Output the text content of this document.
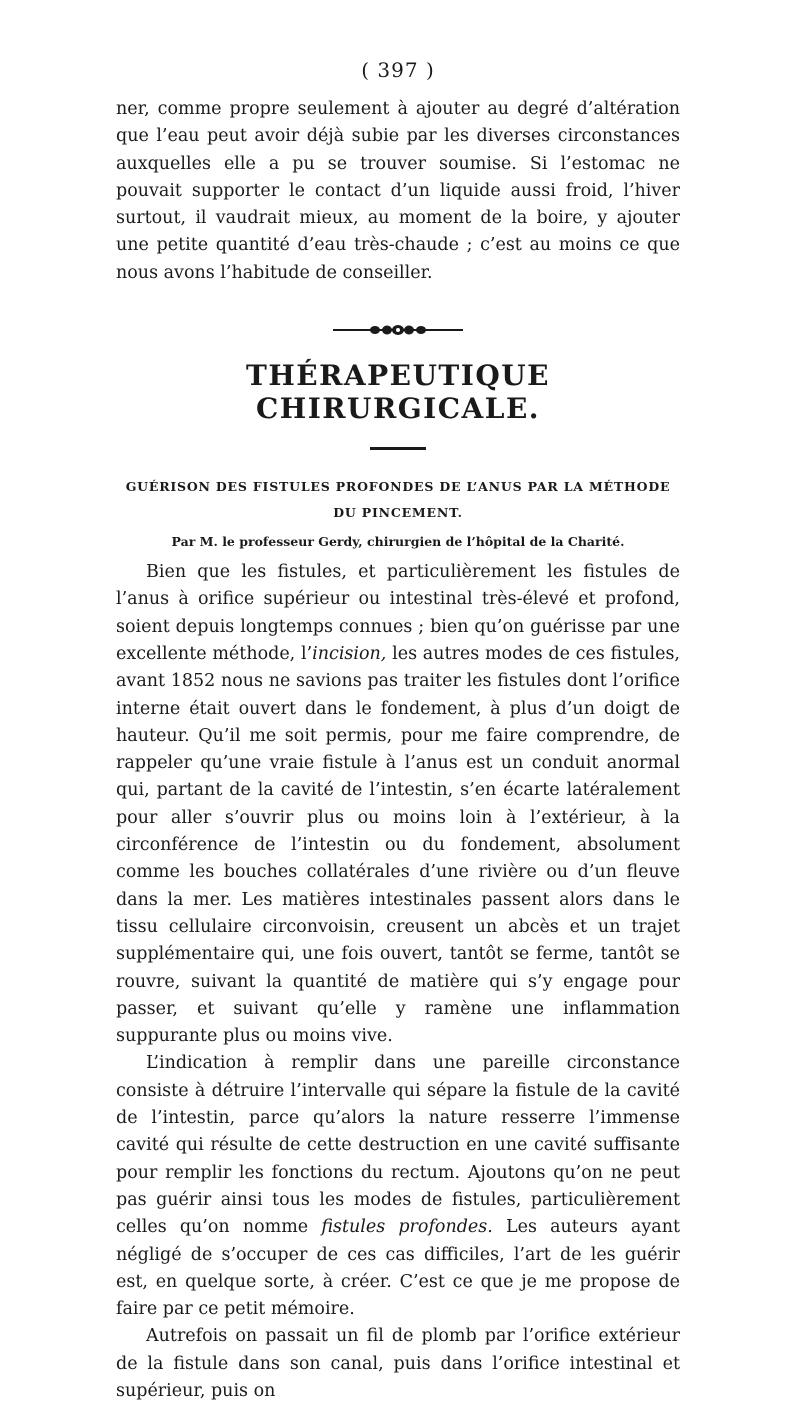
( 397 )

ner, comme propre seulement à ajouter au degré d’altération que l’eau peut avoir déjà subie par les diverses circonstances auxquelles elle a pu se trouver soumise. Si l’estomac ne pouvait supporter le contact d’un liquide aussi froid, l’hiver surtout, il vaudrait mieux, au moment de la boire, y ajouter une petite quantité d’eau très-chaude ; c’est au moins ce que nous avons l’habitude de conseiller.

THÉRAPEUTIQUE CHIRURGICALE.
GUÉRISON DES FISTULES PROFONDES DE L’ANUS PAR LA MÉTHODE
DU PINCEMENT.
Par M. le professeur Gerdy, chirurgien de l’hôpital de la Charité.

Bien que les fistules, et particulièrement les fistules de l’anus à orifice supérieur ou intestinal très-élevé et profond, soient depuis longtemps connues ; bien qu’on guérisse par une excellente méthode, l’incision, les autres modes de ces fistules, avant 1852 nous ne savions pas traiter les fistules dont l’orifice interne était ouvert dans le fondement, à plus d’un doigt de hauteur. Qu’il me soit permis, pour me faire comprendre, de rappeler qu’une vraie fistule à l’anus est un conduit anormal qui, partant de la cavité de l’intestin, s’en écarte latéralement pour aller s’ouvrir plus ou moins loin à l’extérieur, à la circonférence de l’intestin ou du fondement, absolument comme les bouches collatérales d’une rivière ou d’un fleuve dans la mer. Les matières intestinales passent alors dans le tissu cellulaire circonvoisin, creusent un abcès et un trajet supplémentaire qui, une fois ouvert, tantôt se ferme, tantôt se rouvre, suivant la quantité de matière qui s’y engage pour passer, et suivant qu’elle y ramène une inflammation suppurante plus ou moins vive.

L’indication à remplir dans une pareille circonstance consiste à détruire l’intervalle qui sépare la fistule de la cavité de l’intestin, parce qu’alors la nature resserre l’immense cavité qui résulte de cette destruction en une cavité suffisante pour remplir les fonctions du rectum. Ajoutons qu’on ne peut pas guérir ainsi tous les modes de fistules, particulièrement celles qu’on nomme fistules profondes. Les auteurs ayant négligé de s’occuper de ces cas difficiles, l’art de les guérir est, en quelque sorte, à créer. C’est ce que je me propose de faire par ce petit mémoire.

Autrefois on passait un fil de plomb par l’orifice extérieur de la fistule dans son canal, puis dans l’orifice intestinal et supérieur, puis on
